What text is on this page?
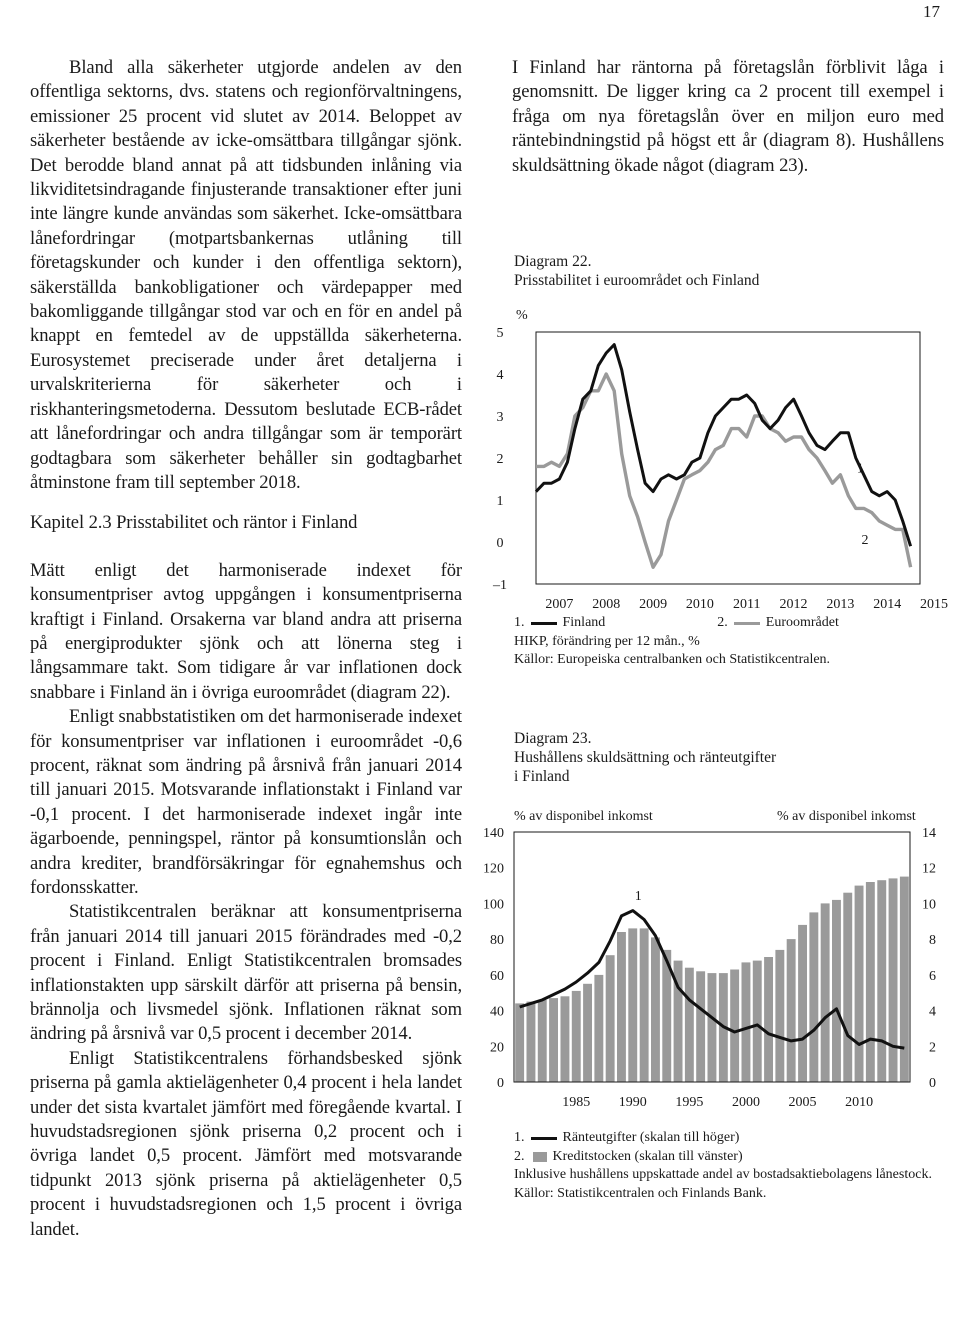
17

Bland alla säkerheter utgjorde andelen av den offentliga sektorns, dvs. statens och regionförvaltningens, emissioner 25 procent vid slutet av 2014. Beloppet av säkerheter bestående av icke-omsättbara tillgångar sjönk. Det berodde bland annat på att tidsbunden inlåning via likviditetsindragande finjusterande transaktioner efter juni inte längre kunde användas som säkerhet. Icke-omsättbara lånefordringar (motpartsbankernas utlåning till företagskunder och kunder i den offentliga sektorn), säkerställda bankobligationer och värdepapper med bakomliggande tillgångar stod var och en för en andel på knappt en femtedel av de uppställda säkerheterna. Eurosystemet preciserade under året detaljerna i urvalskriterierna för säkerheter och i riskhanteringsmetoderna. Dessutom beslutade ECB-rådet att lånefordringar och andra tillgångar som är temporärt godtagbara som säkerheter behåller sin godtagbarhet åtminstone fram till september 2018.

Kapitel 2.3 Prisstabilitet och räntor i Finland

Mätt enligt det harmoniserade indexet för konsumentpriser avtog uppgången i konsumentpriserna kraftigt i Finland. Orsakerna var bland andra att priserna på energiprodukter sjönk och att lönerna steg i långsammare takt. Som tidigare år var inflationen dock snabbare i Finland än i övriga euroområdet (diagram 22).

Enligt snabbstatistiken om det harmoniserade indexet för konsumentpriser var inflationen i euroområdet -0,6 procent, räknat som ändring på årsnivå från januari 2014 till januari 2015. Motsvarande inflationstakt i Finland var -0,1 procent. I det harmoniserade indexet ingår inte ägarboende, penningspel, räntor på konsumtionslån och andra krediter, brandförsäkringar för egnahemshus och fordonsskatter.

Statistikcentralen beräknar att konsumentpriserna från januari 2014 till januari 2015 förändrades med -0,2 procent i Finland. Enligt Statistikcentralen bromsades inflationstakten upp särskilt därför att priserna på bensin, brännolja och livsmedel sjönk. Inflationen räknat som ändring på årsnivå var 0,5 procent i december 2014.

Enligt Statistikcentralens förhandsbesked sjönk priserna på gamla aktielägenheter 0,4 procent i hela landet under det sista kvartalet jämfört med föregående kvartal. I huvudstadsregionen sjönk priserna 0,2 procent och i övriga landet 0,5 procent. Jämfört med motsvarande tidpunkt 2013 sjönk priserna på aktielägenheter 0,5 procent i huvudstadsregionen och 1,5 procent i övriga landet.

I Finland har räntorna på företagslån förblivit låga i genomsnitt. De ligger kring ca 2 procent till exempel i fråga om nya företagslån över en miljon euro med räntebindningstid på högst ett år (diagram 8). Hushållens skuldsättning ökade något (diagram 23).

Diagram 22.
Prisstabilitet i euroområdet och Finland
%
–1
0
1
2
3
4
5
2007 2008 2009 2010 2011 2012 2013 2014 2015
1
2
1.	Finland	2.	Euroområdet
HIKP, förändring per 12 mån., %
Källor: Europeiska centralbanken och Statistikcentralen.
Diagram 23.
Hushållens skuldsättning och ränteutgifter
i Finland
% av disponibel inkomst	% av disponibel inkomst
0
20
40
60
80
100
120
140
0
2
4
6
8
10
12
14
1985 1990 1995 2000 2005 2010
1
1.	Ränteutgifter (skalan till höger)
2. Kreditstocken (skalan till vänster)
Inklusive hushållens uppskattade andel av bostadsaktiebolagens lånestock.
Källor: Statistikcentralen och Finlands Bank.
